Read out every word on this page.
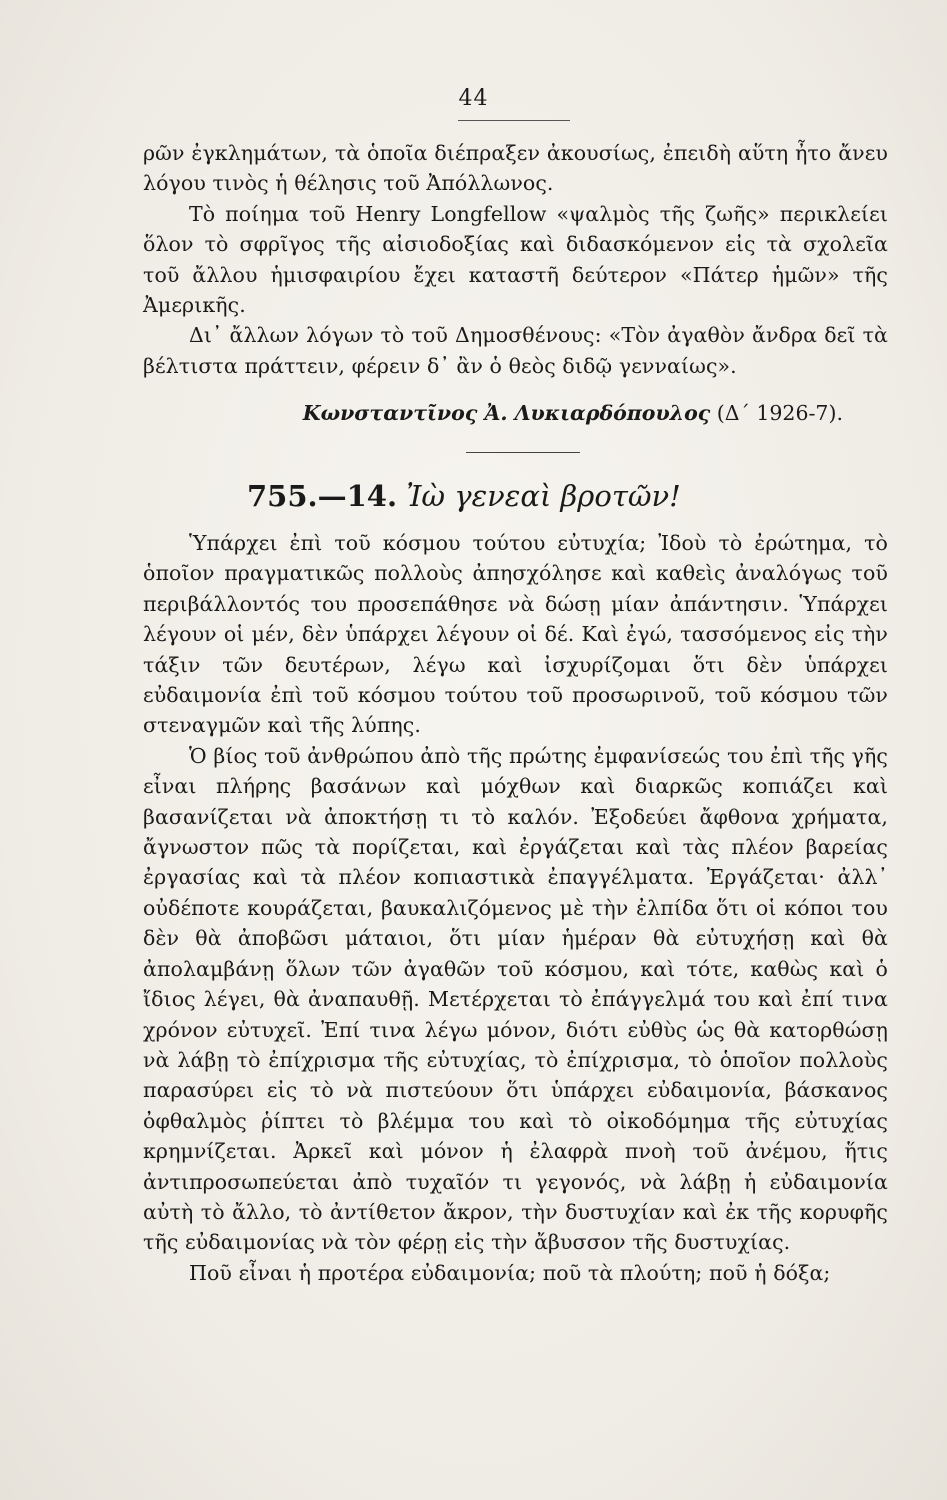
44

ρῶν ἐγκλημάτων, τὰ ὁποῖα διέπραξεν ἀκουσίως, ἐπειδὴ αὕτη ἦτο ἄνευ λόγου τινὸς ἡ θέλησις τοῦ Ἀπόλλωνος.

Τὸ ποίημα τοῦ Henry Longfellow «ψαλμὸς τῆς ζωῆς» περικλείει ὅλον τὸ σφρῖγος τῆς αἰσιοδοξίας καὶ διδασκόμενον εἰς τὰ σχολεῖα τοῦ ἄλλου ἡμισφαιρίου ἔχει καταστῆ δεύτερον «Πάτερ ἡμῶν» τῆς Ἀμερικῆς.

Δι᾽ ἄλλων λόγων τὸ τοῦ Δημοσθένους: «Τὸν ἀγαθὸν ἄνδρα δεῖ τὰ βέλτιστα πράττειν, φέρειν δ᾽ ἂν ὁ θεὸς διδῷ γενναίως».

Κωνσταντῖνος Ἀ. Λυκιαρδόπουλος (Δ´ 1926-7).
755.—14. Ἰὼ γενεαὶ βροτῶν!

Ὑπάρχει ἐπὶ τοῦ κόσμου τούτου εὐτυχία; Ἰδοὺ τὸ ἐρώτημα, τὸ ὁποῖον πραγματικῶς πολλοὺς ἀπησχόλησε καὶ καθεὶς ἀναλόγως τοῦ περιβάλλοντός του προσεπάθησε νὰ δώσῃ μίαν ἀπάντησιν. Ὑπάρχει λέγουν οἱ μέν, δὲν ὑπάρχει λέγουν οἱ δέ. Καὶ ἐγώ, τασσόμενος εἰς τὴν τάξιν τῶν δευτέρων, λέγω καὶ ἰσχυρίζομαι ὅτι δὲν ὑπάρχει εὐδαιμονία ἐπὶ τοῦ κόσμου τούτου τοῦ προσωρινοῦ, τοῦ κόσμου τῶν στεναγμῶν καὶ τῆς λύπης.

Ὁ βίος τοῦ ἀνθρώπου ἀπὸ τῆς πρώτης ἐμφανίσεώς του ἐπὶ τῆς γῆς εἶναι πλήρης βασάνων καὶ μόχθων καὶ διαρκῶς κοπιάζει καὶ βασανίζεται νὰ ἀποκτήσῃ τι τὸ καλόν. Ἐξοδεύει ἄφθονα χρήματα, ἄγνωστον πῶς τὰ πορίζεται, καὶ ἐργάζεται καὶ τὰς πλέον βαρείας ἐργασίας καὶ τὰ πλέον κοπιαστικὰ ἐπαγγέλματα. Ἐργάζεται· ἀλλ᾽ οὐδέποτε κουράζεται, βαυκαλιζόμενος μὲ τὴν ἐλπίδα ὅτι οἱ κόποι του δὲν θὰ ἀποβῶσι μάταιοι, ὅτι μίαν ἡμέραν θὰ εὐτυχήσῃ καὶ θὰ ἀπολαμβάνῃ ὅλων τῶν ἀγαθῶν τοῦ κόσμου, καὶ τότε, καθὼς καὶ ὁ ἴδιος λέγει, θὰ ἀναπαυθῇ. Μετέρχεται τὸ ἐπάγγελμά του καὶ ἐπί τινα χρόνον εὐτυχεῖ. Ἐπί τινα λέγω μόνον, διότι εὐθὺς ὡς θὰ κατορθώσῃ νὰ λάβῃ τὸ ἐπίχρισμα τῆς εὐτυχίας, τὸ ἐπίχρισμα, τὸ ὁποῖον πολλοὺς παρασύρει εἰς τὸ νὰ πιστεύουν ὅτι ὑπάρχει εὐδαιμονία, βάσκανος ὀφθαλμὸς ῥίπτει τὸ βλέμμα του καὶ τὸ οἰκοδόμημα τῆς εὐτυχίας κρημνίζεται. Ἀρκεῖ καὶ μόνον ἡ ἐλαφρὰ πνοὴ τοῦ ἀνέμου, ἥτις ἀντιπροσωπεύεται ἀπὸ τυχαῖόν τι γεγονός, νὰ λάβῃ ἡ εὐδαιμονία αὐτὴ τὸ ἄλλο, τὸ ἀντίθετον ἄκρον, τὴν δυστυχίαν καὶ ἐκ τῆς κορυφῆς τῆς εὐδαιμονίας νὰ τὸν φέρῃ εἰς τὴν ἄβυσσον τῆς δυστυχίας.

Ποῦ εἶναι ἡ προτέρα εὐδαιμονία; ποῦ τὰ πλούτη; ποῦ ἡ δόξα;
